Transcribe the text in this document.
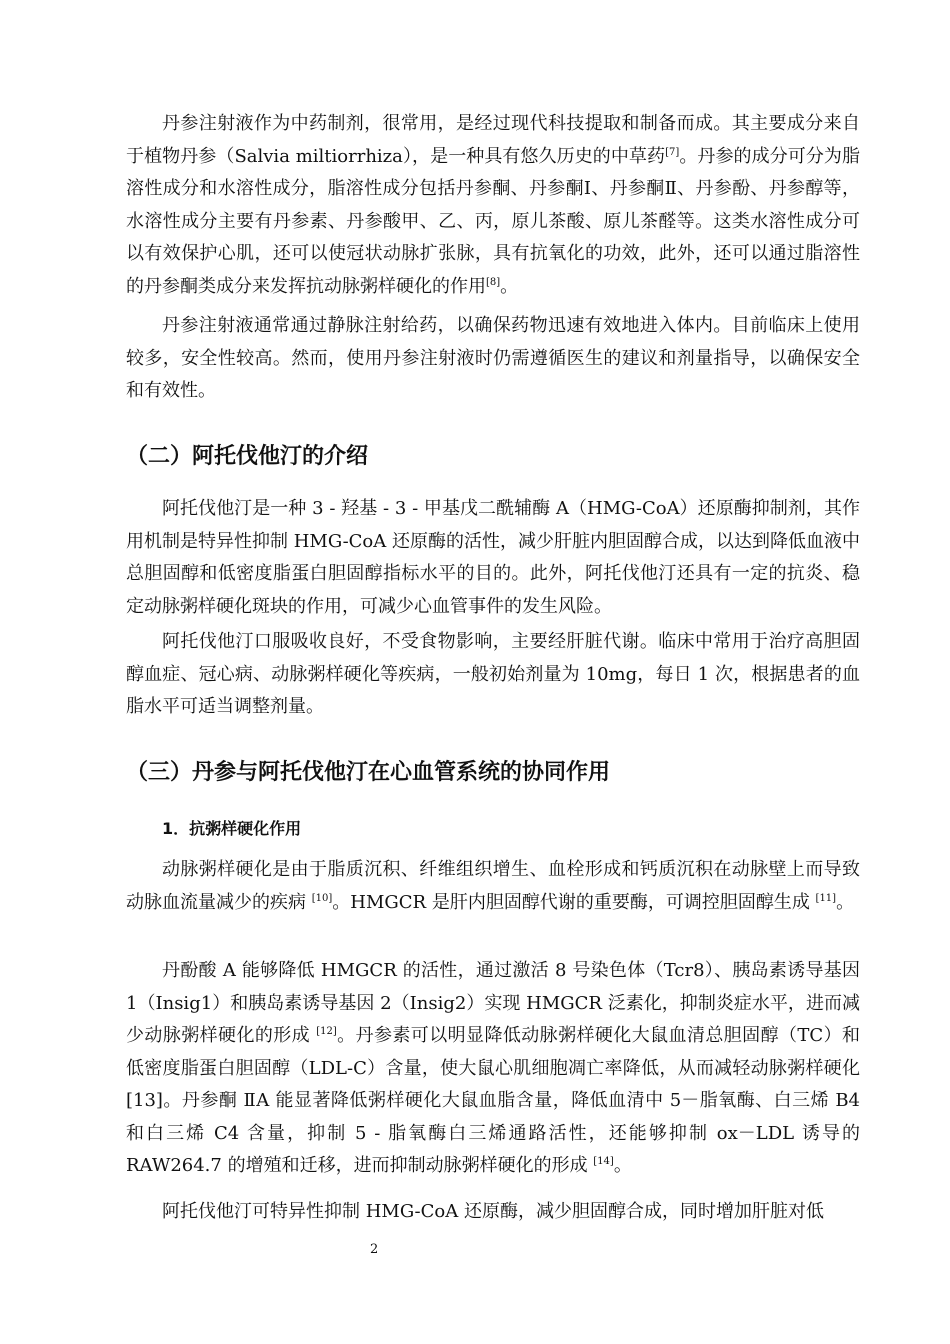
丹参注射液作为中药制剂，很常用，是经过现代科技提取和制备而成。其主要成分来自于植物丹参（Salvia miltiorrhiza），是一种具有悠久历史的中草药[7]。丹参的成分可分为脂溶性成分和水溶性成分，脂溶性成分包括丹参酮、丹参酮Ⅰ、丹参酮Ⅱ、丹参酚、丹参醇等，水溶性成分主要有丹参素、丹参酸甲、乙、丙，原儿茶酸、原儿茶醛等。这类水溶性成分可以有效保护心肌，还可以使冠状动脉扩张脉，具有抗氧化的功效，此外，还可以通过脂溶性的丹参酮类成分来发挥抗动脉粥样硬化的作用[8]。

丹参注射液通常通过静脉注射给药，以确保药物迅速有效地进入体内。目前临床上使用较多，安全性较高。然而，使用丹参注射液时仍需遵循医生的建议和剂量指导，以确保安全和有效性。

（二）阿托伐他汀的介绍

阿托伐他汀是一种 3 - 羟基 - 3 - 甲基戊二酰辅酶 A（HMG-CoA）还原酶抑制剂，其作用机制是特异性抑制 HMG-CoA 还原酶的活性，减少肝脏内胆固醇合成，以达到降低血液中总胆固醇和低密度脂蛋白胆固醇指标水平的目的。此外，阿托伐他汀还具有一定的抗炎、稳定动脉粥样硬化斑块的作用，可减少心血管事件的发生风险。

阿托伐他汀口服吸收良好，不受食物影响，主要经肝脏代谢。临床中常用于治疗高胆固醇血症、冠心病、动脉粥样硬化等疾病，一般初始剂量为 10mg，每日 1 次，根据患者的血脂水平可适当调整剂量。

（三）丹参与阿托伐他汀在心血管系统的协同作用
1．抗粥样硬化作用

动脉粥样硬化是由于脂质沉积、纤维组织增生、血栓形成和钙质沉积在动脉壁上而导致动脉血流量减少的疾病 [10]。HMGCR 是肝内胆固醇代谢的重要酶，可调控胆固醇生成 [11]。

丹酚酸 A 能够降低 HMGCR 的活性，通过激活 8 号染色体（Tcr8）、胰岛素诱导基因 1（Insig1）和胰岛素诱导基因 2（Insig2）实现 HMGCR 泛素化，抑制炎症水平，进而减少动脉粥样硬化的形成 [12]。丹参素可以明显降低动脉粥样硬化大鼠血清总胆固醇（TC）和低密度脂蛋白胆固醇（LDL-C）含量，使大鼠心肌细胞凋亡率降低，从而减轻动脉粥样硬化 [13]。丹参酮 ⅡA 能显著降低粥样硬化大鼠血脂含量，降低血清中 5－脂氧酶、白三烯 B4 和白三烯 C4 含量，抑制 5 - 脂氧酶白三烯通路活性，还能够抑制 ox－LDL 诱导的 RAW264.7 的增殖和迁移，进而抑制动脉粥样硬化的形成 [14]。

阿托伐他汀可特异性抑制 HMG-CoA 还原酶，减少胆固醇合成，同时增加肝脏对低

2
